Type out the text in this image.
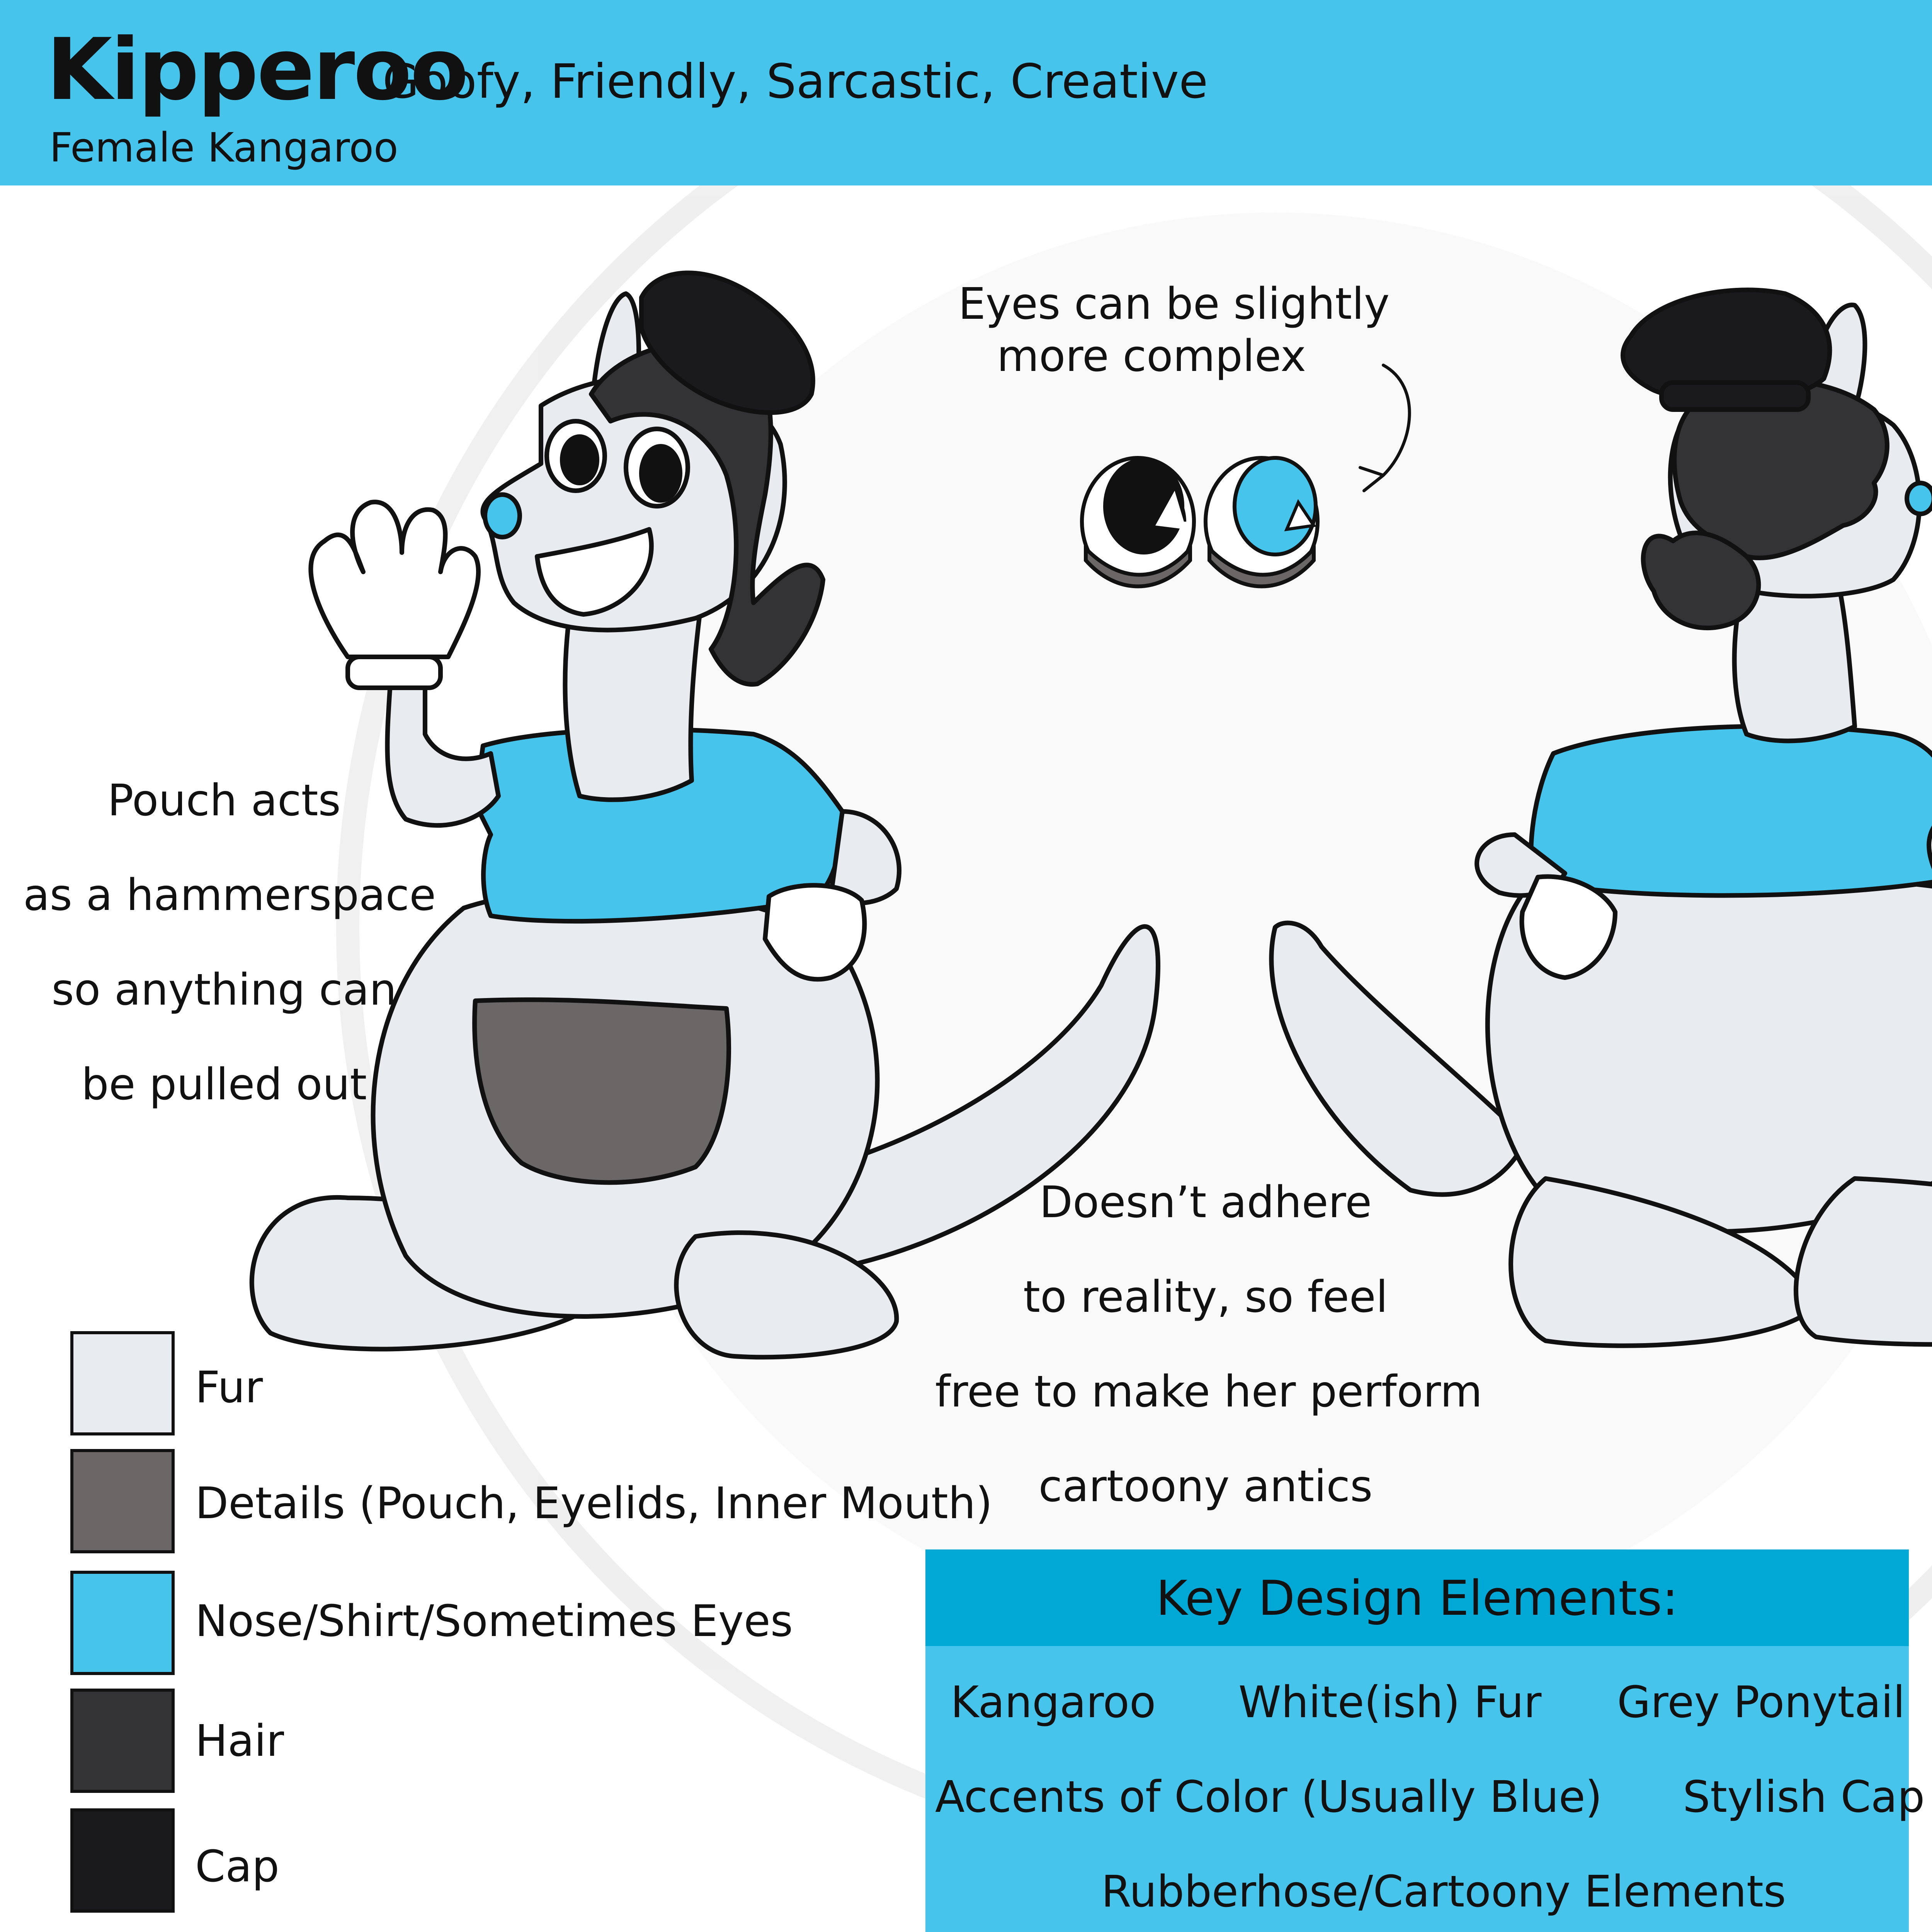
Kipperoo
Goofy, Friendly, Sarcastic, Creative
Female Kangaroo
Eyes can be slightly
more complex
Pouch acts
as a hammerspace
so anything can
be pulled out
Doesn’t adhere
to reality, so feel
free to make her perform
cartoony antics
Fur
Details (Pouch, Eyelids, Inner Mouth)
Nose/Shirt/Sometimes Eyes
Hair
Cap
Key Design Elements:
Kangaroo White(ish) Fur Grey Ponytail
Accents of Color (Usually Blue) Stylish Cap
Rubberhose/Cartoony Elements
